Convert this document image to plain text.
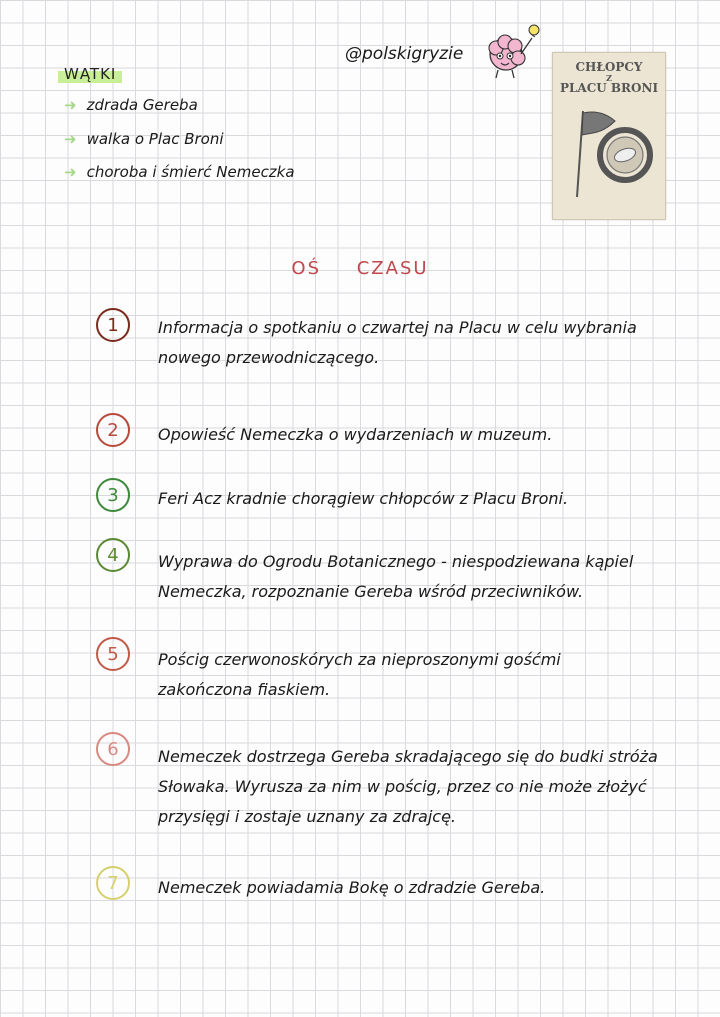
WĄTKI
➜ zdrada Gereba
➜ walka o Plac Broni
➜ choroba i śmierć Nemeczka
@polskigryzie
CHŁOPCY
Z
PLACU BRONI
OŚ CZASU
1	Informacja o spotkaniu o czwartej na Placu w celu wybrania nowego przewodniczącego.
2	Opowieść Nemeczka o wydarzeniach w muzeum.
3	Feri Acz kradnie chorągiew chłopców z Placu Broni.
4	Wyprawa do Ogrodu Botanicznego - niespodziewana kąpiel Nemeczka, rozpoznanie Gereba wśród przeciwników.
5	Pościg czerwonoskórych za nieproszonymi gośćmi zakończona fiaskiem.
6	Nemeczek dostrzega Gereba skradającego się do budki stróża Słowaka. Wyrusza za nim w pościg, przez co nie może złożyć przysięgi i zostaje uznany za zdrajcę.
7	Nemeczek powiadamia Bokę o zdradzie Gereba.
